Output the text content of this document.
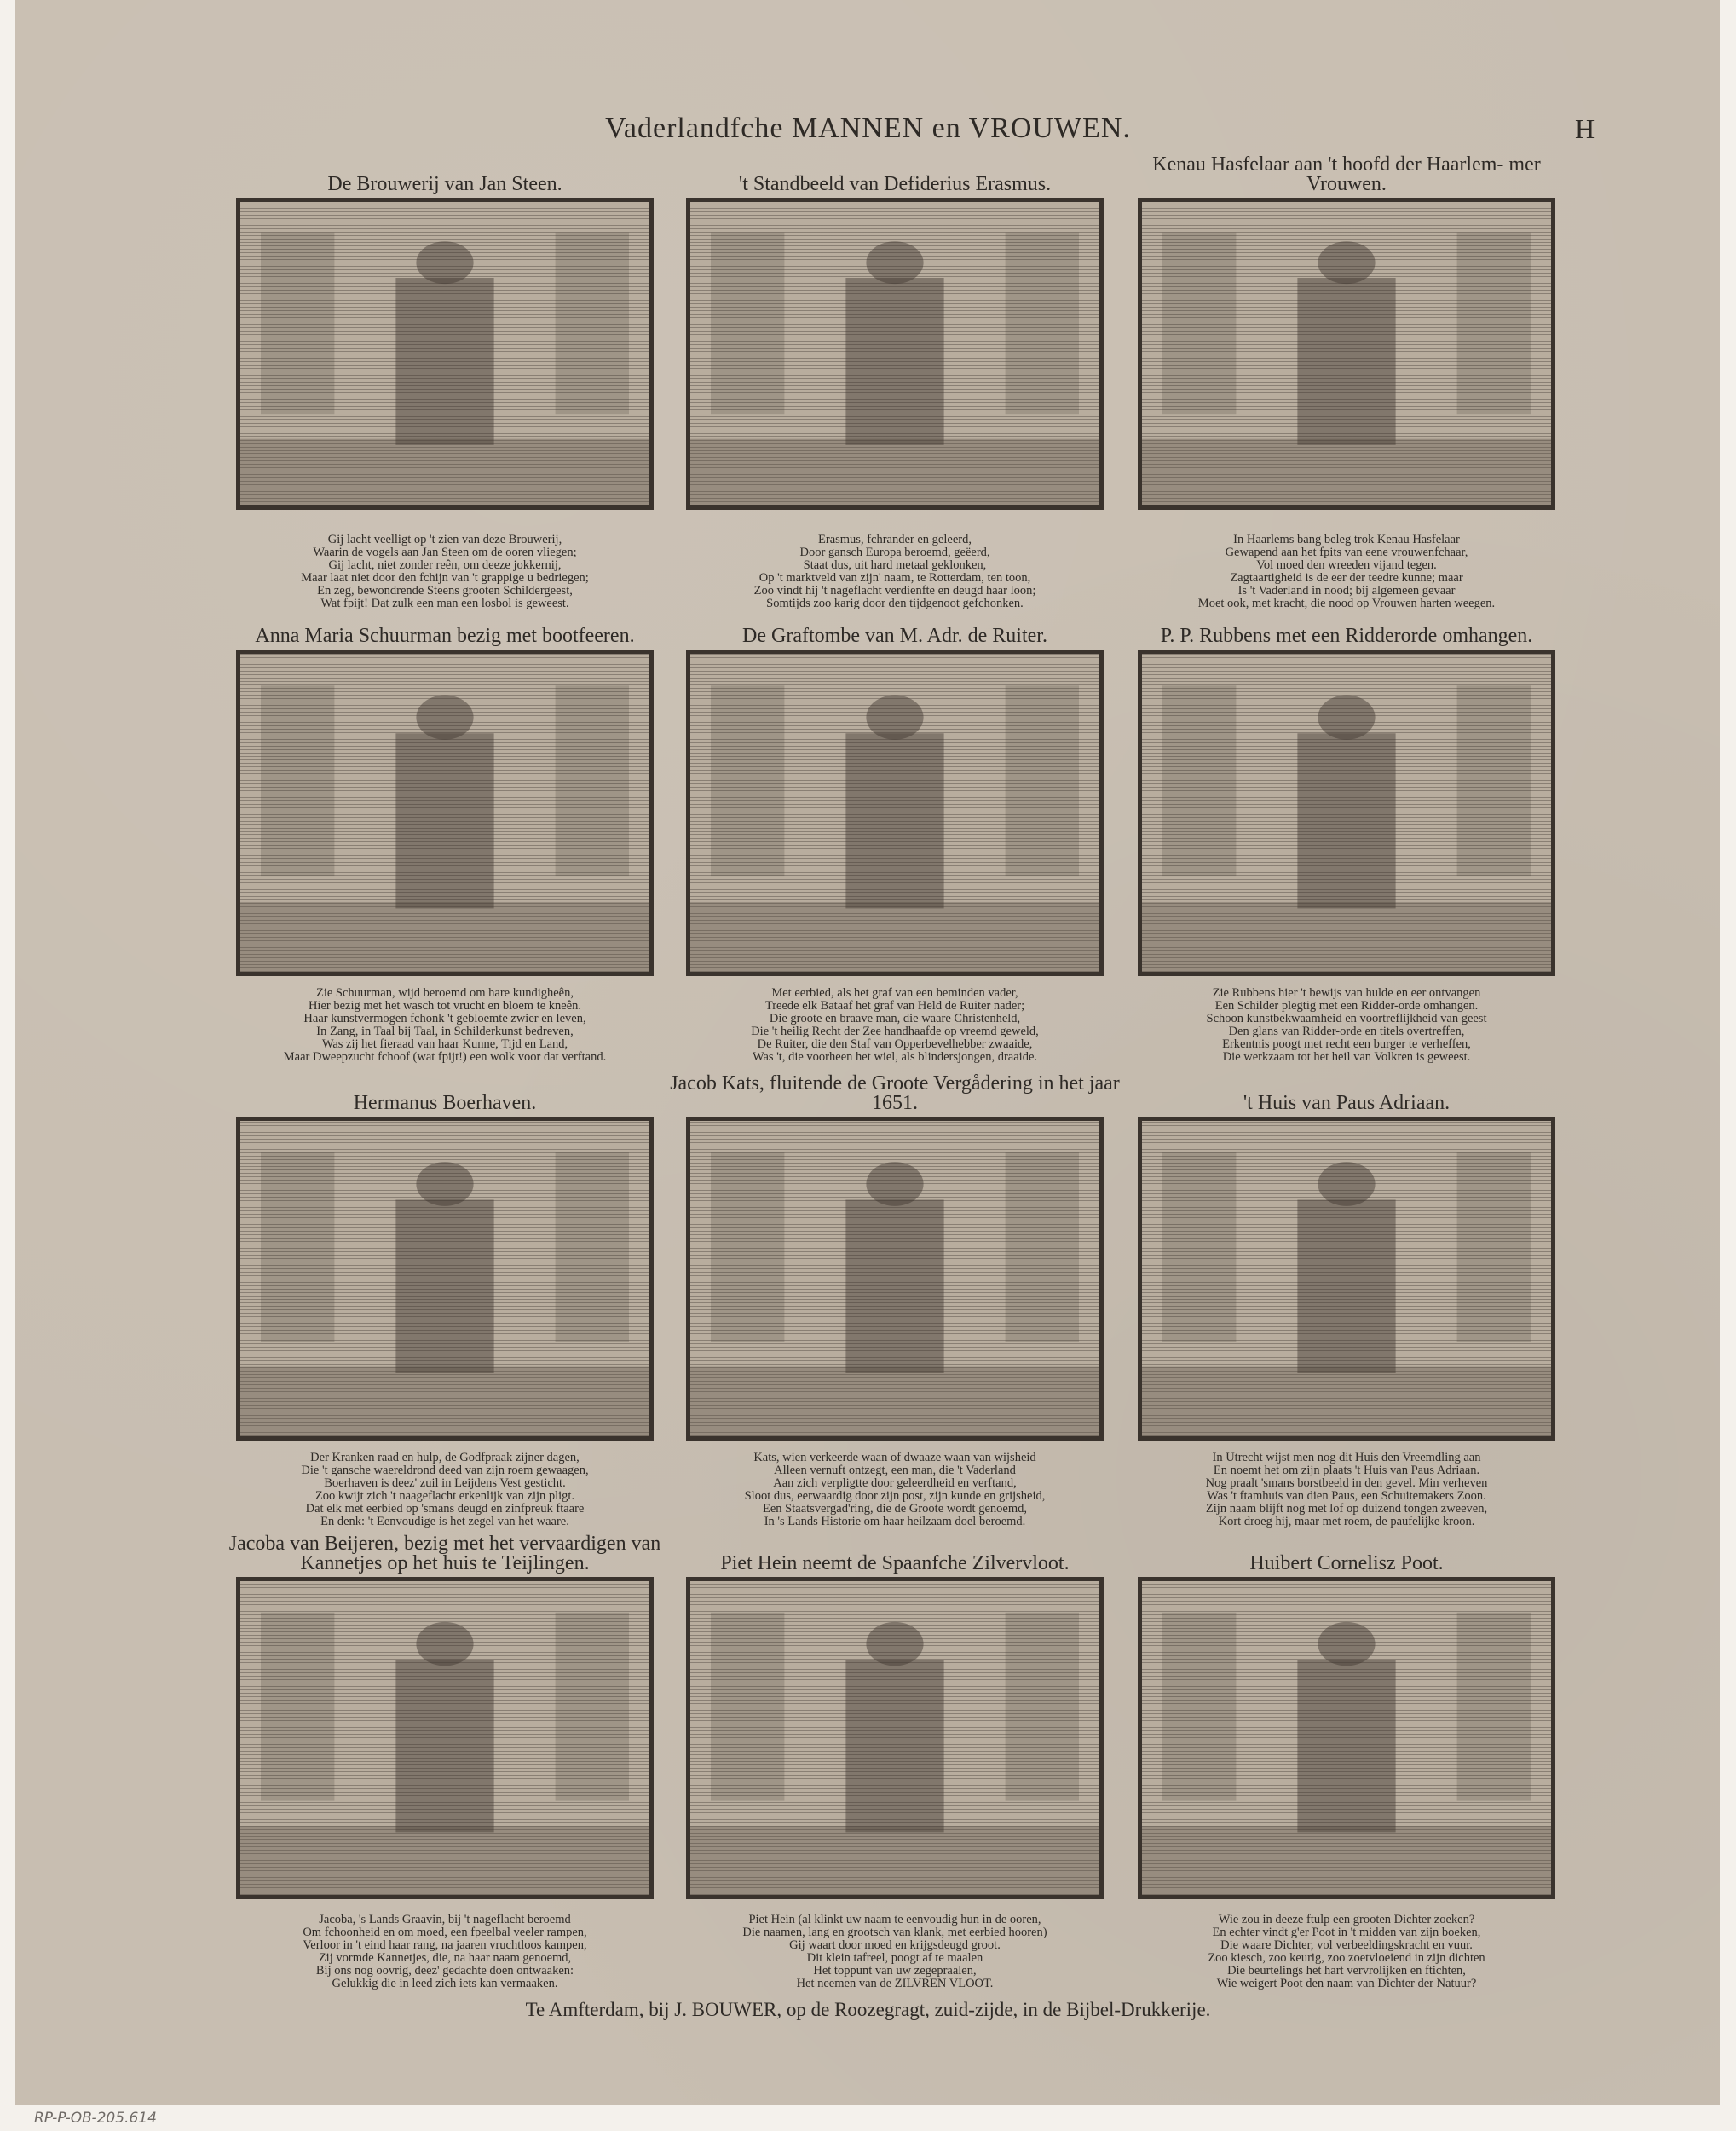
Vaderlandfche MANNEN en VROUWEN.	H
De Brouwerij van Jan Steen.
Gij lacht veelligt op 't zien van deze Brouwerij,
Waarin de vogels aan Jan Steen om de ooren vliegen;
Gij lacht, niet zonder reên, om deeze jokkernij,
Maar laat niet door den fchijn van 't grappige u bedriegen;
En zeg, bewondrende Steens grooten Schildergeest,
Wat fpijt! Dat zulk een man een losbol is geweest.
't Standbeeld van Defiderius Erasmus.
Erasmus, fchrander en geleerd,
Door gansch Europa beroemd, geëerd,
Staat dus, uit hard metaal geklonken,
Op 't marktveld van zijn' naam, te Rotterdam, ten toon,
Zoo vindt hij 't nageflacht verdienfte en deugd haar loon;
Somtijds zoo karig door den tijdgenoot gefchonken.
Kenau Hasfelaar aan 't hoofd der Haarlem- mer Vrouwen.
In Haarlems bang beleg trok Kenau Hasfelaar
Gewapend aan het fpits van eene vrouwenfchaar,
Vol moed den wreeden vijand tegen.
Zagtaartigheid is de eer der teedre kunne; maar
Is 't Vaderland in nood; bij algemeen gevaar
Moet ook, met kracht, die nood op Vrouwen harten weegen.
Anna Maria Schuurman bezig met bootfeeren.
Zie Schuurman, wijd beroemd om hare kundigheên,
Hier bezig met het wasch tot vrucht en bloem te kneên.
Haar kunstvermogen fchonk 't gebloemte zwier en leven,
In Zang, in Taal bij Taal, in Schilderkunst bedreven,
Was zij het fieraad van haar Kunne, Tijd en Land,
Maar Dweepzucht fchoof (wat fpijt!) een wolk voor dat verftand.
De Graftombe van M. Adr. de Ruiter.
Met eerbied, als het graf van een beminden vader,
Treede elk Bataaf het graf van Held de Ruiter nader;
Die groote en braave man, die waare Christenheld,
Die 't heilig Recht der Zee handhaafde op vreemd geweld,
De Ruiter, die den Staf van Opperbevelhebber zwaaide,
Was 't, die voorheen het wiel, als blindersjongen, draaide.
P. P. Rubbens met een Ridderorde omhangen.
Zie Rubbens hier 't bewijs van hulde en eer ontvangen
Een Schilder plegtig met een Ridder-orde omhangen.
Schoon kunstbekwaamheid en voortreflijkheid van geest
Den glans van Ridder-orde en titels overtreffen,
Erkentnis poogt met recht een burger te verheffen,
Die werkzaam tot het heil van Volkren is geweest.
Hermanus Boerhaven.
Der Kranken raad en hulp, de Godfpraak zijner dagen,
Die 't gansche waereldrond deed van zijn roem gewaagen,
Boerhaven is deez' zuil in Leijdens Vest gesticht.
Zoo kwijt zich 't naageflacht erkenlijk van zijn pligt.
Dat elk met eerbied op 'smans deugd en zinfpreuk ftaare
En denk: 't Eenvoudige is het zegel van het waare.
Jacob Kats, fluitende de Groote Vergådering in het jaar 1651.
Kats, wien verkeerde waan of dwaaze waan van wijsheid
Alleen vernuft ontzegt, een man, die 't Vaderland
Aan zich verpligtte door geleerdheid en verftand,
Sloot dus, eerwaardig door zijn post, zijn kunde en grijsheid,
Een Staatsvergad'ring, die de Groote wordt genoemd,
In 's Lands Historie om haar heilzaam doel beroemd.
't Huis van Paus Adriaan.
In Utrecht wijst men nog dit Huis den Vreemdling aan
En noemt het om zijn plaats 't Huis van Paus Adriaan.
Nog praalt 'smans borstbeeld in den gevel. Min verheven
Was 't ftamhuis van dien Paus, een Schuitemakers Zoon.
Zijn naam blijft nog met lof op duizend tongen zweeven,
Kort droeg hij, maar met roem, de paufelijke kroon.
Jacoba van Beijeren, bezig met het vervaardigen van Kannetjes op het huis te Teijlingen.
Jacoba, 's Lands Graavin, bij 't nageflacht beroemd
Om fchoonheid en om moed, een fpeelbal veeler rampen,
Verloor in 't eind haar rang, na jaaren vruchtloos kampen,
Zij vormde Kannetjes, die, na haar naam genoemd,
Bij ons nog oovrig, deez' gedachte doen ontwaaken:
Gelukkig die in leed zich iets kan vermaaken.
Piet Hein neemt de Spaanfche Zilvervloot.
Piet Hein (al klinkt uw naam te eenvoudig hun in de ooren,
Die naamen, lang en grootsch van klank, met eerbied hooren)
Gij waart door moed en krijgsdeugd groot.
Dit klein tafreel, poogt af te maalen
Het toppunt van uw zegepraalen,
Het neemen van de ZILVREN VLOOT.
Huibert Cornelisz Poot.
Wie zou in deeze ftulp een grooten Dichter zoeken?
En echter vindt g'er Poot in 't midden van zijn boeken,
Die waare Dichter, vol verbeeldingskracht en vuur.
Zoo kiesch, zoo keurig, zoo zoetvloeiend in zijn dichten
Die beurtelings het hart vervrolijken en ftichten,
Wie weigert Poot den naam van Dichter der Natuur?
Te Amfterdam, bij J. BOUWER, op de Roozegragt, zuid-zijde, in de Bijbel-Drukkerije.
RP-P-OB-205.614
